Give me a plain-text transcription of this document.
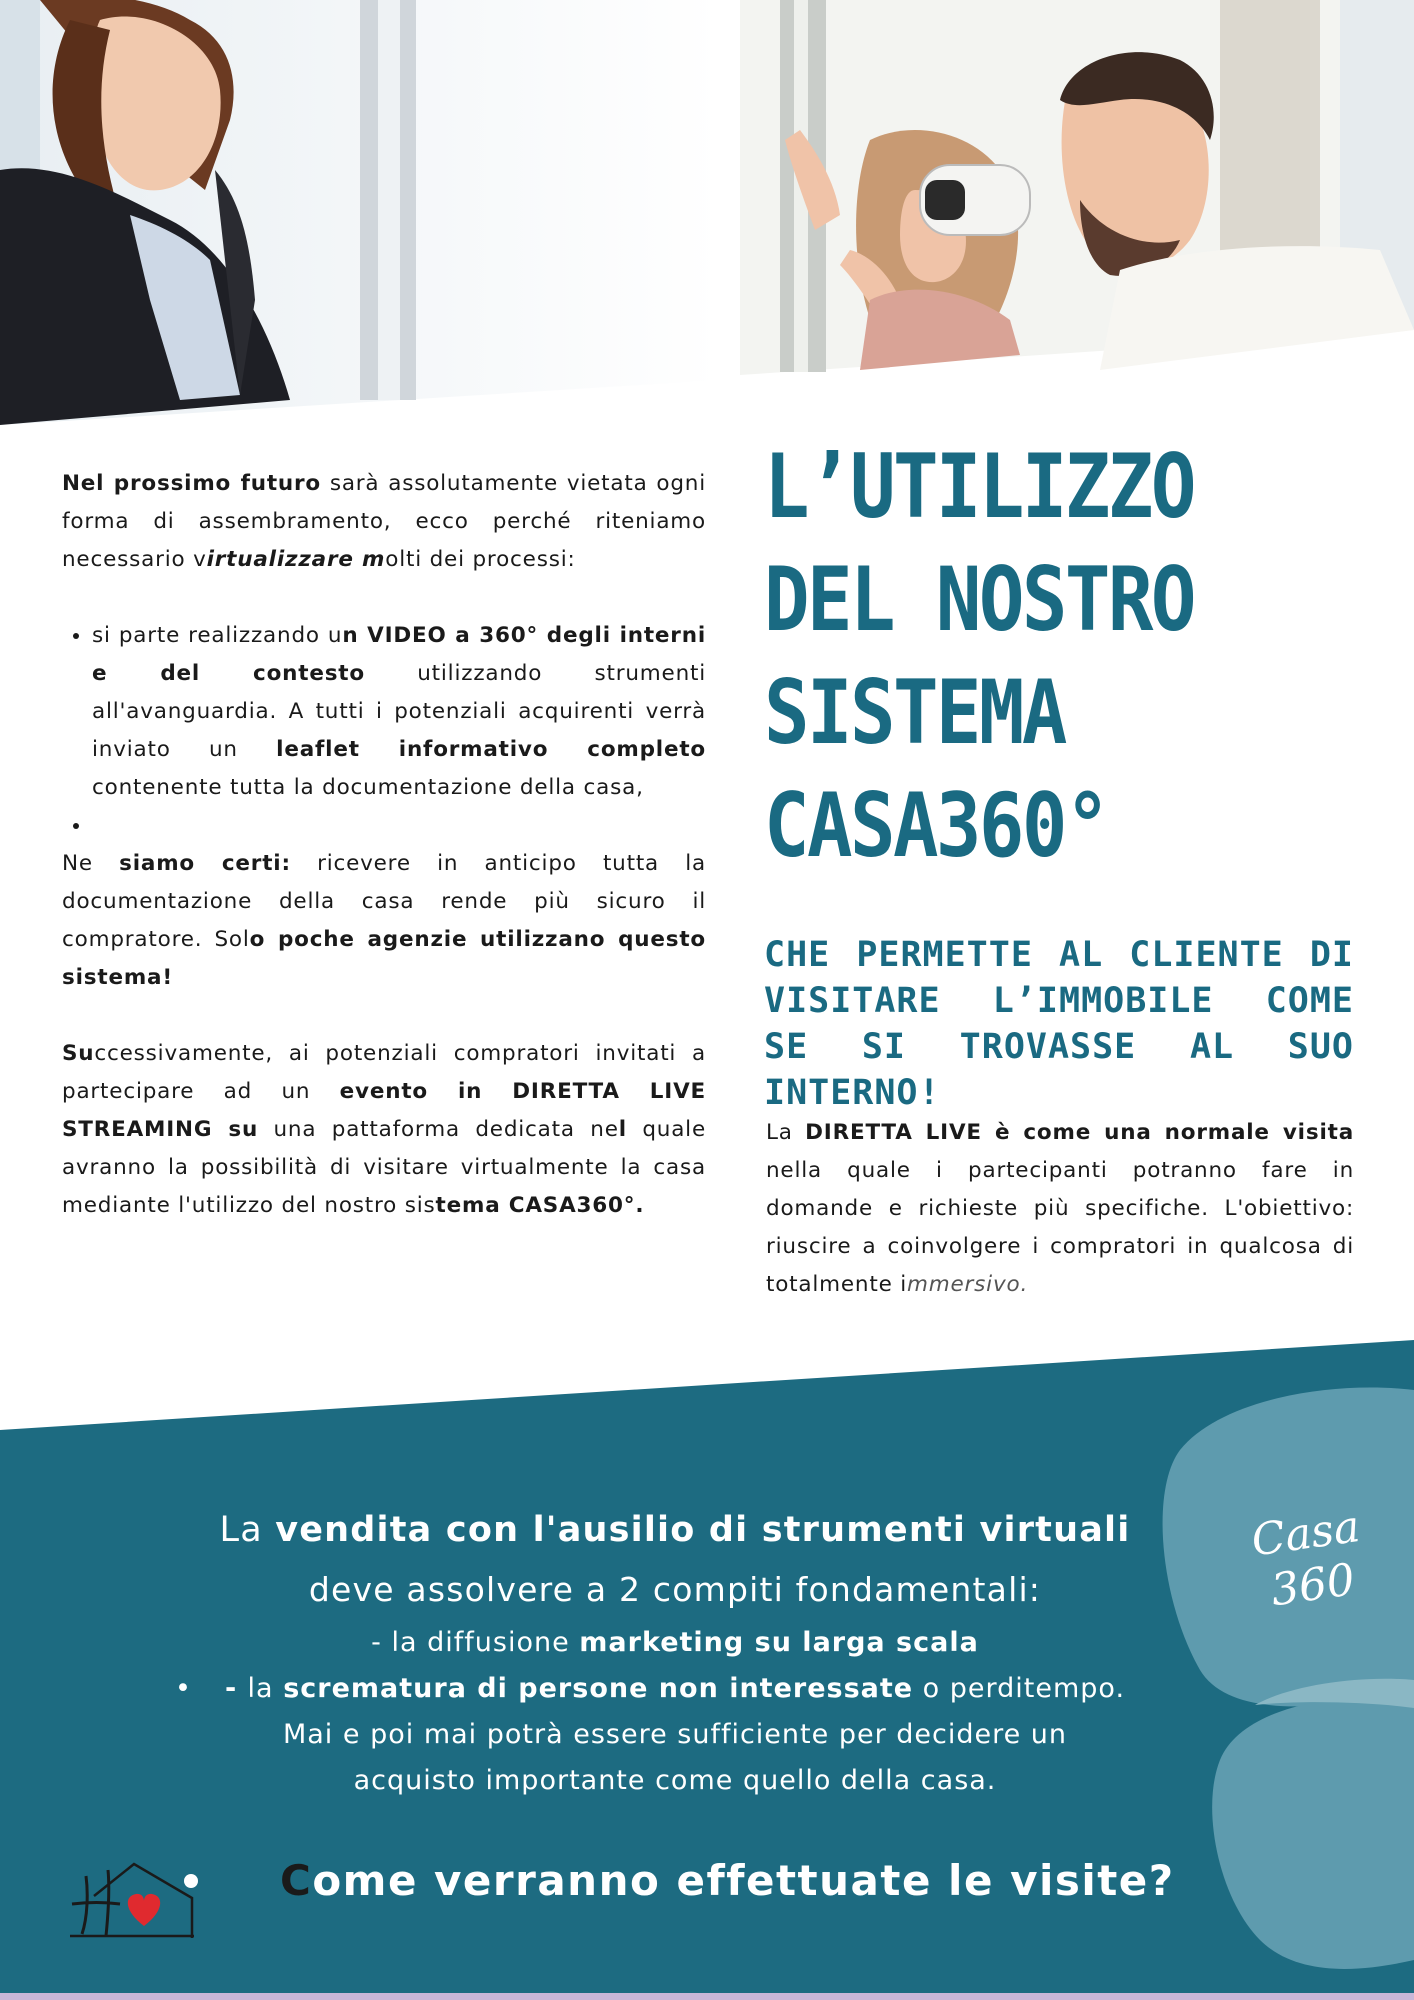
Nel prossimo futuro sarà assolutamente vietata ogni forma di assembramento, ecco perché riteniamo necessario virtualizzare molti dei processi:

• si parte realizzando un VIDEO a 360° degli interni e del contesto utilizzando strumenti all'avanguardia. A tutti i potenziali acquirenti verrà inviato un leaflet informativo completo contenente tutta la documentazione della casa,
•

Ne siamo certi: ricevere in anticipo tutta la documentazione della casa rende più sicuro il compratore. Solo poche agenzie utilizzano questo sistema!

Successivamente, ai potenziali compratori invitati a partecipare ad un evento in DIRETTA LIVE STREAMING su una pattaforma dedicata nel quale avranno la possibilità di visitare virtualmente la casa mediante l'utilizzo del nostro sistema CASA360°.

L’UTILIZZO
DEL NOSTRO
SISTEMA
CASA360°
CHE PERMETTE AL CLIENTE DI VISITARE L’IMMOBILE COME SE SI TROVASSE AL SUO INTERNO!

La DIRETTA LIVE è come una normale visita nella quale i partecipanti potranno fare in domande e richieste più specifiche. L'obiettivo: riuscire a coinvolgere i compratori in qualcosa di totalmente immersivo.

La vendita con l'ausilio di strumenti virtuali
deve assolvere a 2 compiti fondamentali:
- la diffusione marketing su larga scala
• - la scrematura di persone non interessate o perditempo.
Mai e poi mai potrà essere sufficiente per decidere un
acquisto importante come quello della casa.
Casa
360
Come verranno effettuate le visite?
